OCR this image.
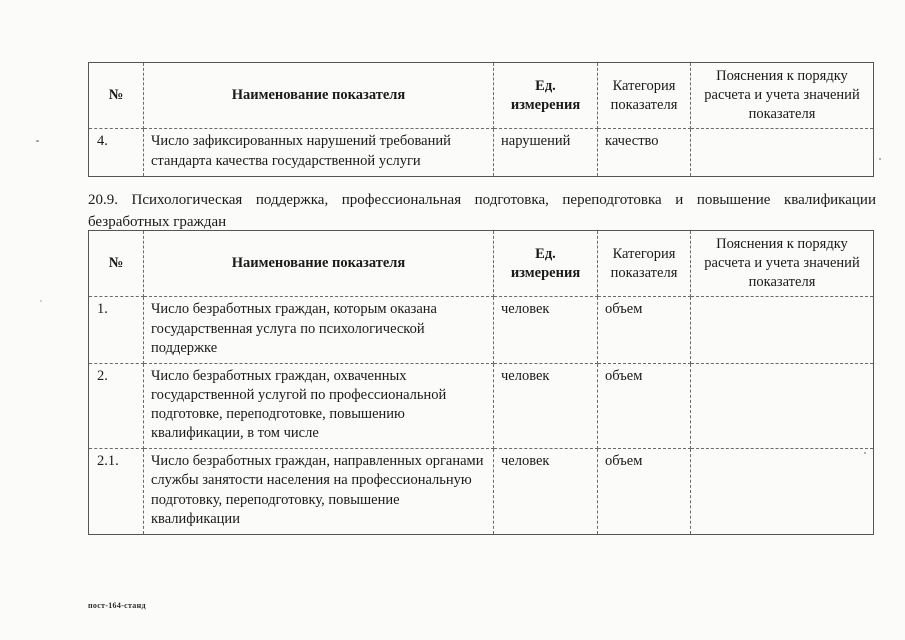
№	Наименование показателя	Ед. измерения	Категория показателя	Пояснения к порядку расчета и учета значений показателя
4.	Число зафиксированных нарушений требований стандарта качества государственной услуги	нарушений	качество	
20.9. Психологическая поддержка, профессиональная подготовка, переподготовка и повышение квалификации безработных граждан
№	Наименование показателя	Ед. измерения	Категория показателя	Пояснения к порядку расчета и учета значений показателя
1.	Число безработных граждан, которым оказана государственная услуга по психологической поддержке	человек	объем	
2.	Число безработных граждан, охваченных государственной услугой по профессиональной подготовке, переподготовке, повышению квалификации, в том числе	человек	объем	
2.1.	Число безработных граждан, направленных органами службы занятости населения на профессиональную подготовку, переподготовку, повышение квалификации	человек	объем	
пост-164-станд
